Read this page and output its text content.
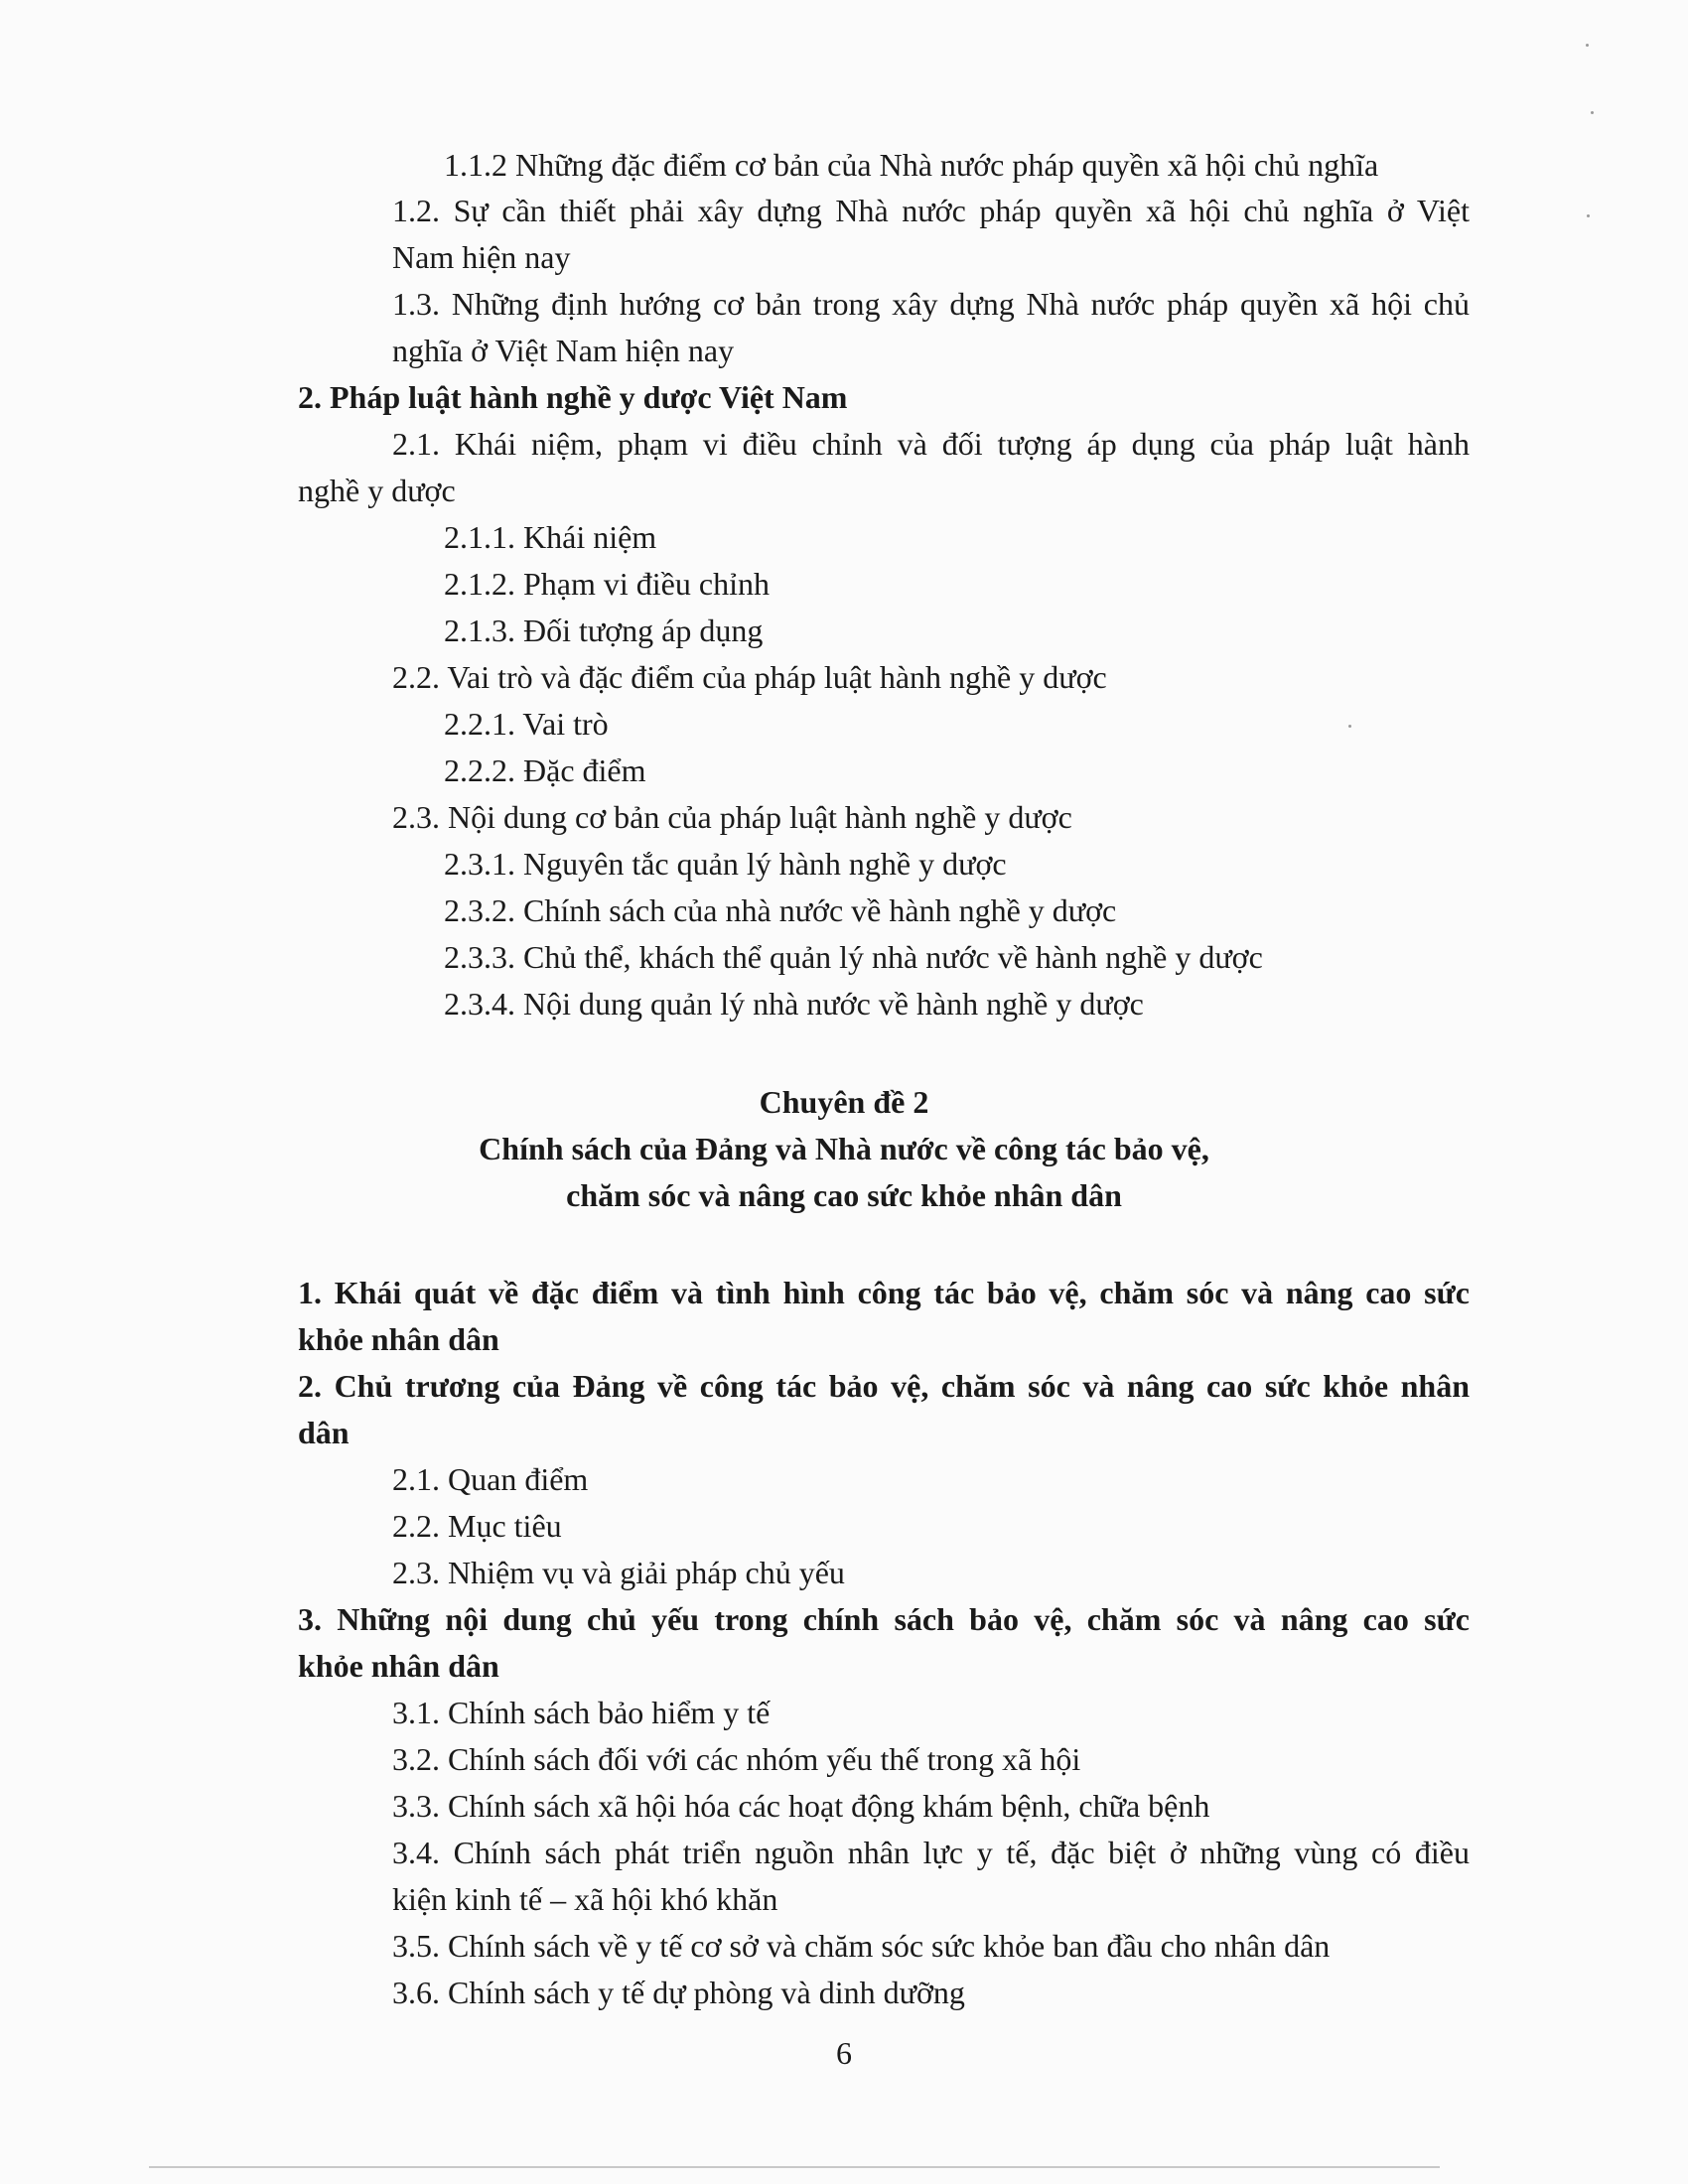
1.1.2 Những đặc điểm cơ bản của Nhà nước pháp quyền xã hội chủ nghĩa
1.2. Sự cần thiết phải xây dựng Nhà nước pháp quyền xã hội chủ nghĩa ở Việt
Nam hiện nay
1.3. Những định hướng cơ bản trong xây dựng Nhà nước pháp quyền xã hội chủ
nghĩa ở Việt Nam hiện nay
2. Pháp luật hành nghề y dược Việt Nam
2.1. Khái niệm, phạm vi điều chỉnh và đối tượng áp dụng của pháp luật hành
nghề y dược
2.1.1. Khái niệm
2.1.2. Phạm vi điều chỉnh
2.1.3. Đối tượng áp dụng
2.2. Vai trò và đặc điểm của pháp luật hành nghề y dược
2.2.1. Vai trò
2.2.2. Đặc điểm
2.3. Nội dung cơ bản của pháp luật hành nghề y dược
2.3.1. Nguyên tắc quản lý hành nghề y dược
2.3.2. Chính sách của nhà nước về hành nghề y dược
2.3.3. Chủ thể, khách thể quản lý nhà nước về hành nghề y dược
2.3.4. Nội dung quản lý nhà nước về hành nghề y dược
Chuyên đề 2
Chính sách của Đảng và Nhà nước về công tác bảo vệ,
chăm sóc và nâng cao sức khỏe nhân dân
1. Khái quát về đặc điểm và tình hình công tác bảo vệ, chăm sóc và nâng cao sức
khỏe nhân dân
2. Chủ trương của Đảng về công tác bảo vệ, chăm sóc và nâng cao sức khỏe nhân
dân
2.1. Quan điểm
2.2. Mục tiêu
2.3. Nhiệm vụ và giải pháp chủ yếu
3. Những nội dung chủ yếu trong chính sách bảo vệ, chăm sóc và nâng cao sức
khỏe nhân dân
3.1. Chính sách bảo hiểm y tế
3.2. Chính sách đối với các nhóm yếu thế trong xã hội
3.3. Chính sách xã hội hóa các hoạt động khám bệnh, chữa bệnh
3.4. Chính sách phát triển nguồn nhân lực y tế, đặc biệt ở những vùng có điều
kiện kinh tế – xã hội khó khăn
3.5. Chính sách về y tế cơ sở và chăm sóc sức khỏe ban đầu cho nhân dân
3.6. Chính sách y tế dự phòng và dinh dưỡng
6
